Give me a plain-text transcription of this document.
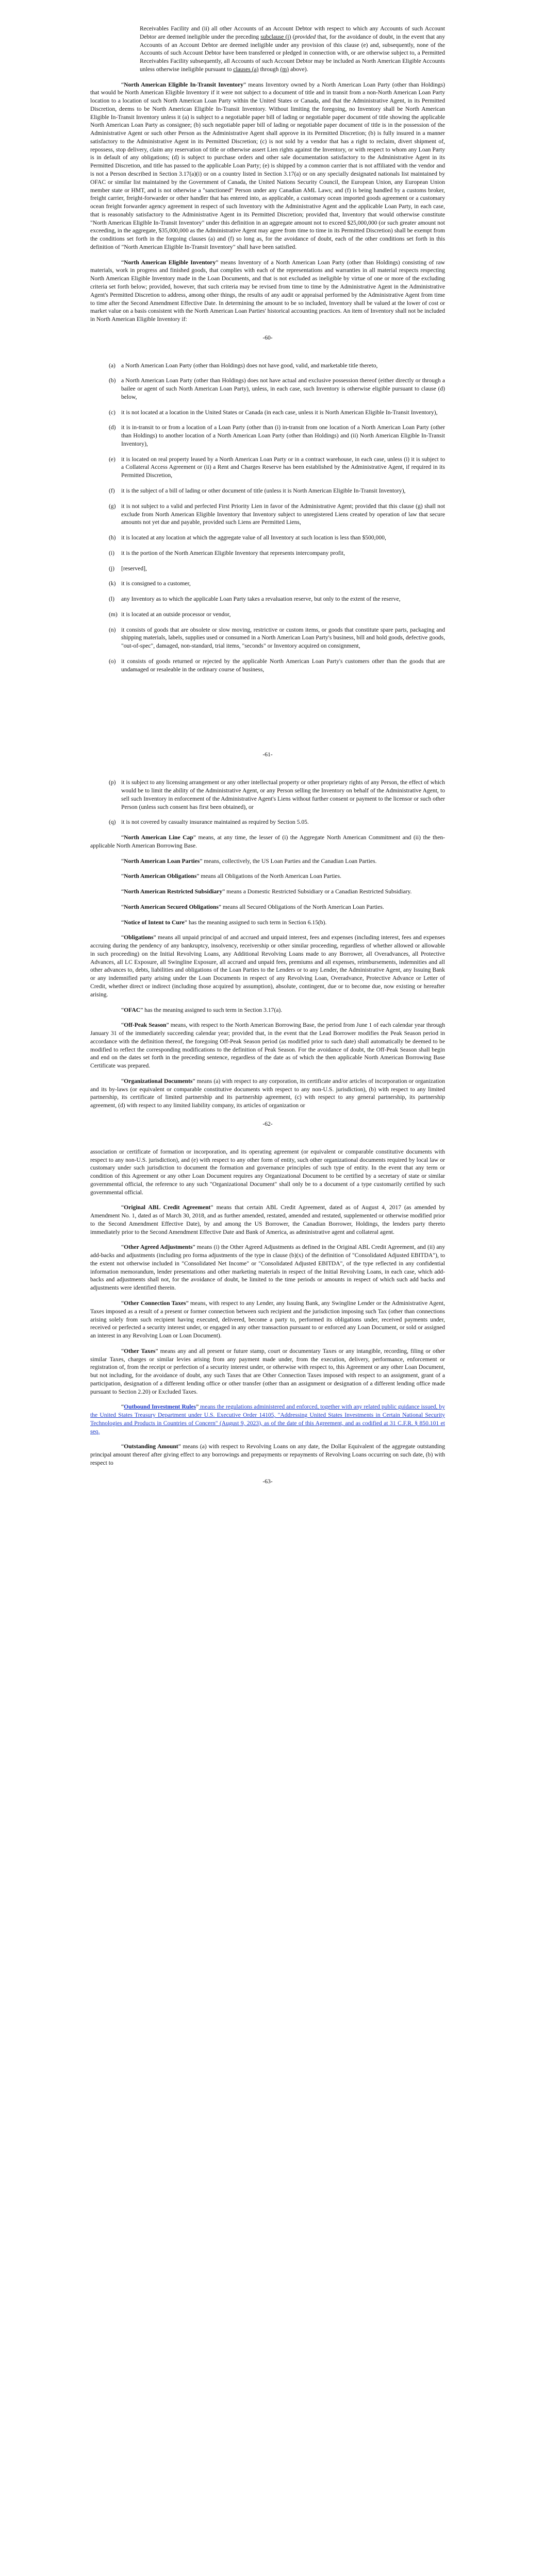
Receivables Facility and (ii) all other Accounts of an Account Debtor with respect to which any Accounts of such Account Debtor are deemed ineligible under the preceding subclause (i) (provided that, for the avoidance of doubt, in the event that any Accounts of an Account Debtor are deemed ineligible under any provision of this clause (e) and, subsequently, none of the Accounts of such Account Debtor have been transferred or pledged in connection with, or are otherwise subject to, a Permitted Receivables Facility subsequently, all Accounts of such Account Debtor may be included as North American Eligible Accounts unless otherwise ineligible pursuant to clauses (a) through (m) above).

“North American Eligible In-Transit Inventory” means Inventory owned by a North American Loan Party (other than Holdings) that would be North American Eligible Inventory if it were not subject to a document of title and in transit from a non-North American Loan Party location to a location of such North American Loan Party within the United States or Canada, and that the Administrative Agent, in its Permitted Discretion, deems to be North American Eligible In-Transit Inventory. Without limiting the foregoing, no Inventory shall be North American Eligible In-Transit Inventory unless it (a) is subject to a negotiable paper bill of lading or negotiable paper document of title showing the applicable North American Loan Party as consignee; (b) such negotiable paper bill of lading or negotiable paper document of title is in the possession of the Administrative Agent or such other Person as the Administrative Agent shall approve in its Permitted Discretion; (b) is fully insured in a manner satisfactory to the Administrative Agent in its Permitted Discretion; (c) is not sold by a vendor that has a right to reclaim, divert shipment of, repossess, stop delivery, claim any reservation of title or otherwise assert Lien rights against the Inventory, or with respect to whom any Loan Party is in default of any obligations; (d) is subject to purchase orders and other sale documentation satisfactory to the Administrative Agent in its Permitted Discretion, and title has passed to the applicable Loan Party; (e) is shipped by a common carrier that is not affiliated with the vendor and is not a Person described in Section 3.17(a)(i) or on a country listed in Section 3.17(a) or on any specially designated nationals list maintained by OFAC or similar list maintained by the Government of Canada, the United Nations Security Council, the European Union, any European Union member state or HMT, and is not otherwise a "sanctioned" Person under any Canadian AML Laws; and (f) is being handled by a customs broker, freight carrier, freight-forwarder or other handler that has entered into, as applicable, a customary ocean imported goods agreement or a customary ocean freight forwarder agency agreement in respect of such Inventory with the Administrative Agent and the applicable Loan Party, in each case, that is reasonably satisfactory to the Administrative Agent in its Permitted Discretion; provided that, Inventory that would otherwise constitute "North American Eligible In-Transit Inventory" under this definition in an aggregate amount not to exceed $25,000,000 (or such greater amount not exceeding, in the aggregate, $35,000,000 as the Administrative Agent may agree from time to time in its Permitted Discretion) shall be exempt from the conditions set forth in the forgoing clauses (a) and (f) so long as, for the avoidance of doubt, each of the other conditions set forth in this definition of "North American Eligible In-Transit Inventory" shall have been satisfied.

“North American Eligible Inventory” means Inventory of a North American Loan Party (other than Holdings) consisting of raw materials, work in progress and finished goods, that complies with each of the representations and warranties in all material respects respecting North American Eligible Inventory made in the Loan Documents, and that is not excluded as ineligible by virtue of one or more of the excluding criteria set forth below; provided, however, that such criteria may be revised from time to time by the Administrative Agent in the Administrative Agent's Permitted Discretion to address, among other things, the results of any audit or appraisal performed by the Administrative Agent from time to time after the Second Amendment Effective Date. In determining the amount to be so included, Inventory shall be valued at the lower of cost or market value on a basis consistent with the North American Loan Parties' historical accounting practices. An item of Inventory shall not be included in North American Eligible Inventory if:

-60-
(a) a North American Loan Party (other than Holdings) does not have good, valid, and marketable title thereto,
(b) a North American Loan Party (other than Holdings) does not have actual and exclusive possession thereof (either directly or through a bailee or agent of such North American Loan Party), unless, in each case, such Inventory is otherwise eligible pursuant to clause (d) below,
(c) it is not located at a location in the United States or Canada (in each case, unless it is North American Eligible In-Transit Inventory),
(d) it is in-transit to or from a location of a Loan Party (other than (i) in-transit from one location of a North American Loan Party (other than Holdings) to another location of a North American Loan Party (other than Holdings) and (ii) North American Eligible In-Transit Inventory),
(e) it is located on real property leased by a North American Loan Party or in a contract warehouse, in each case, unless (i) it is subject to a Collateral Access Agreement or (ii) a Rent and Charges Reserve has been established by the Administrative Agent, if required in its Permitted Discretion,
(f)	it is the subject of a bill of lading or other document of title (unless it is North American Eligible In-Transit Inventory),
(g) it is not subject to a valid and perfected First Priority Lien in favor of the Administrative Agent; provided that this clause (g) shall not exclude from North American Eligible Inventory that Inventory subject to unregistered Liens created by operation of law that secure amounts not yet due and payable, provided such Liens are Permitted Liens,
(h) it is located at any location at which the aggregate value of all Inventory at such location is less than $500,000,
(i)	it is the portion of the North American Eligible Inventory that represents intercompany profit,
(j)	[reserved],
(k) it is consigned to a customer,
(l)	any Inventory as to which the applicable Loan Party takes a revaluation reserve, but only to the extent of the reserve,
(m) it is located at an outside processor or vendor,
(n) it consists of goods that are obsolete or slow moving, restrictive or custom items, or goods that constitute spare parts, packaging and shipping materials, labels, supplies used or consumed in a North American Loan Party's business, bill and hold goods, defective goods, "out-of-spec", damaged, non-standard, trial items, "seconds" or Inventory acquired on consignment,
(o) it consists of goods returned or rejected by the applicable North American Loan Party's customers other than the goods that are undamaged or resaleable in the ordinary course of business,
-61-
(p) it is subject to any licensing arrangement or any other intellectual property or other proprietary rights of any Person, the effect of which would be to limit the ability of the Administrative Agent, or any Person selling the Inventory on behalf of the Administrative Agent, to sell such Inventory in enforcement of the Administrative Agent's Liens without further consent or payment to the licensor or such other Person (unless such consent has first been obtained), or
(q) it is not covered by casualty insurance maintained as required by Section 5.05.

“North American Line Cap” means, at any time, the lesser of (i) the Aggregate North American Commitment and (ii) the then-applicable North American Borrowing Base.

“North American Loan Parties” means, collectively, the US Loan Parties and the Canadian Loan Parties.

“North American Obligations” means all Obligations of the North American Loan Parties.

“North American Restricted Subsidiary” means a Domestic Restricted Subsidiary or a Canadian Restricted Subsidiary.

“North American Secured Obligations” means all Secured Obligations of the North American Loan Parties.

“Notice of Intent to Cure” has the meaning assigned to such term in Section 6.15(b).

“Obligations” means all unpaid principal of and accrued and unpaid interest, fees and expenses (including interest, fees and expenses accruing during the pendency of any bankruptcy, insolvency, receivership or other similar proceeding, regardless of whether allowed or allowable in such proceeding) on the Initial Revolving Loans, any Additional Revolving Loans made to any Borrower, all Overadvances, all Protective Advances, all LC Exposure, all Swingline Exposure, all accrued and unpaid fees, premiums and all expenses, reimbursements, indemnities and all other advances to, debts, liabilities and obligations of the Loan Parties to the Lenders or to any Lender, the Administrative Agent, any Issuing Bank or any indemnified party arising under the Loan Documents in respect of any Revolving Loan, Overadvance, Protective Advance or Letter of Credit, whether direct or indirect (including those acquired by assumption), absolute, contingent, due or to become due, now existing or hereafter arising.

“OFAC” has the meaning assigned to such term in Section 3.17(a).

“Off-Peak Season” means, with respect to the North American Borrowing Base, the period from June 1 of each calendar year through January 31 of the immediately succeeding calendar year; provided that, in the event that the Lead Borrower modifies the Peak Season period in accordance with the definition thereof, the foregoing Off-Peak Season period (as modified prior to such date) shall automatically be deemed to be modified to reflect the corresponding modifications to the definition of Peak Season. For the avoidance of doubt, the Off-Peak Season shall begin and end on the dates set forth in the preceding sentence, regardless of the date as of which the then applicable North American Borrowing Base Certificate was prepared.

“Organizational Documents” means (a) with respect to any corporation, its certificate and/or articles of incorporation or organization and its by-laws (or equivalent or comparable constitutive documents with respect to any non-U.S. jurisdiction), (b) with respect to any limited partnership, its certificate of limited partnership and its partnership agreement, (c) with respect to any general partnership, its partnership agreement, (d) with respect to any limited liability company, its articles of organization or

-62-

association or certificate of formation or incorporation, and its operating agreement (or equivalent or comparable constitutive documents with respect to any non-U.S. jurisdiction), and (e) with respect to any other form of entity, such other organizational documents required by local law or customary under such jurisdiction to document the formation and governance principles of such type of entity. In the event that any term or condition of this Agreement or any other Loan Document requires any Organizational Document to be certified by a secretary of state or similar governmental official, the reference to any such "Organizational Document" shall only be to a document of a type customarily certified by such governmental official.

“Original ABL Credit Agreement” means that certain ABL Credit Agreement, dated as of August 4, 2017 (as amended by Amendment No. 1, dated as of March 30, 2018, and as further amended, restated, amended and restated, supplemented or otherwise modified prior to the Second Amendment Effective Date), by and among the US Borrower, the Canadian Borrower, Holdings, the lenders party thereto immediately prior to the Second Amendment Effective Date and Bank of America, as administrative agent and collateral agent.

“Other Agreed Adjustments” means (i) the Other Agreed Adjustments as defined in the Original ABL Credit Agreement, and (ii) any add-backs and adjustments (including pro forma adjustments of the type in clause (b)(x) of the definition of "Consolidated Adjusted EBITDA"), to the extent not otherwise included in "Consolidated Net Income" or "Consolidated Adjusted EBITDA", of the type reflected in any confidential information memorandum, lender presentations and other marketing materials in respect of the Initial Revolving Loans, in each case, which add-backs and adjustments shall not, for the avoidance of doubt, be limited to the time periods or amounts in respect of which such add backs and adjustments were identified therein.

“Other Connection Taxes” means, with respect to any Lender, any Issuing Bank, any Swingline Lender or the Administrative Agent, Taxes imposed as a result of a present or former connection between such recipient and the jurisdiction imposing such Tax (other than connections arising solely from such recipient having executed, delivered, become a party to, performed its obligations under, received payments under, received or perfected a security interest under, or engaged in any other transaction pursuant to or enforced any Loan Document, or sold or assigned an interest in any Revolving Loan or Loan Document).

“Other Taxes” means any and all present or future stamp, court or documentary Taxes or any intangible, recording, filing or other similar Taxes, charges or similar levies arising from any payment made under, from the execution, delivery, performance, enforcement or registration of, from the receipt or perfection of a security interest under, or otherwise with respect to, this Agreement or any other Loan Document, but not including, for the avoidance of doubt, any such Taxes that are Other Connection Taxes imposed with respect to an assignment, grant of a participation, designation of a different lending office or other transfer (other than an assignment or designation of a different lending office made pursuant to Section 2.20) or Excluded Taxes.

“Outbound Investment Rules” means the regulations administered and enforced, together with any related public guidance issued, by the United States Treasury Department under U.S. Executive Order 14105, "Addressing United States Investments in Certain National Security Technologies and Products in Countries of Concern" (August 9, 2023), as of the date of this Agreement, and as codified at 31 C.F.R. § 850.101 et seq.

“Outstanding Amount” means (a) with respect to Revolving Loans on any date, the Dollar Equivalent of the aggregate outstanding principal amount thereof after giving effect to any borrowings and prepayments or repayments of Revolving Loans occurring on such date, (b) with respect to

-63-
